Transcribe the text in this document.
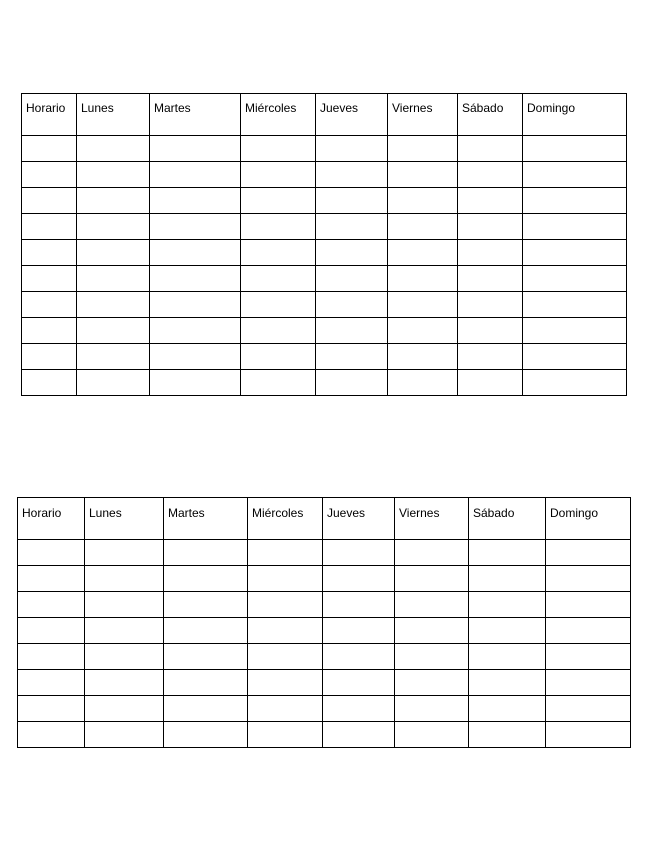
Horario	Lunes	Martes	Miércoles	Jueves	Viernes	Sábado	Domingo

Horario	Lunes	Martes	Miércoles	Jueves	Viernes	Sábado	Domingo
